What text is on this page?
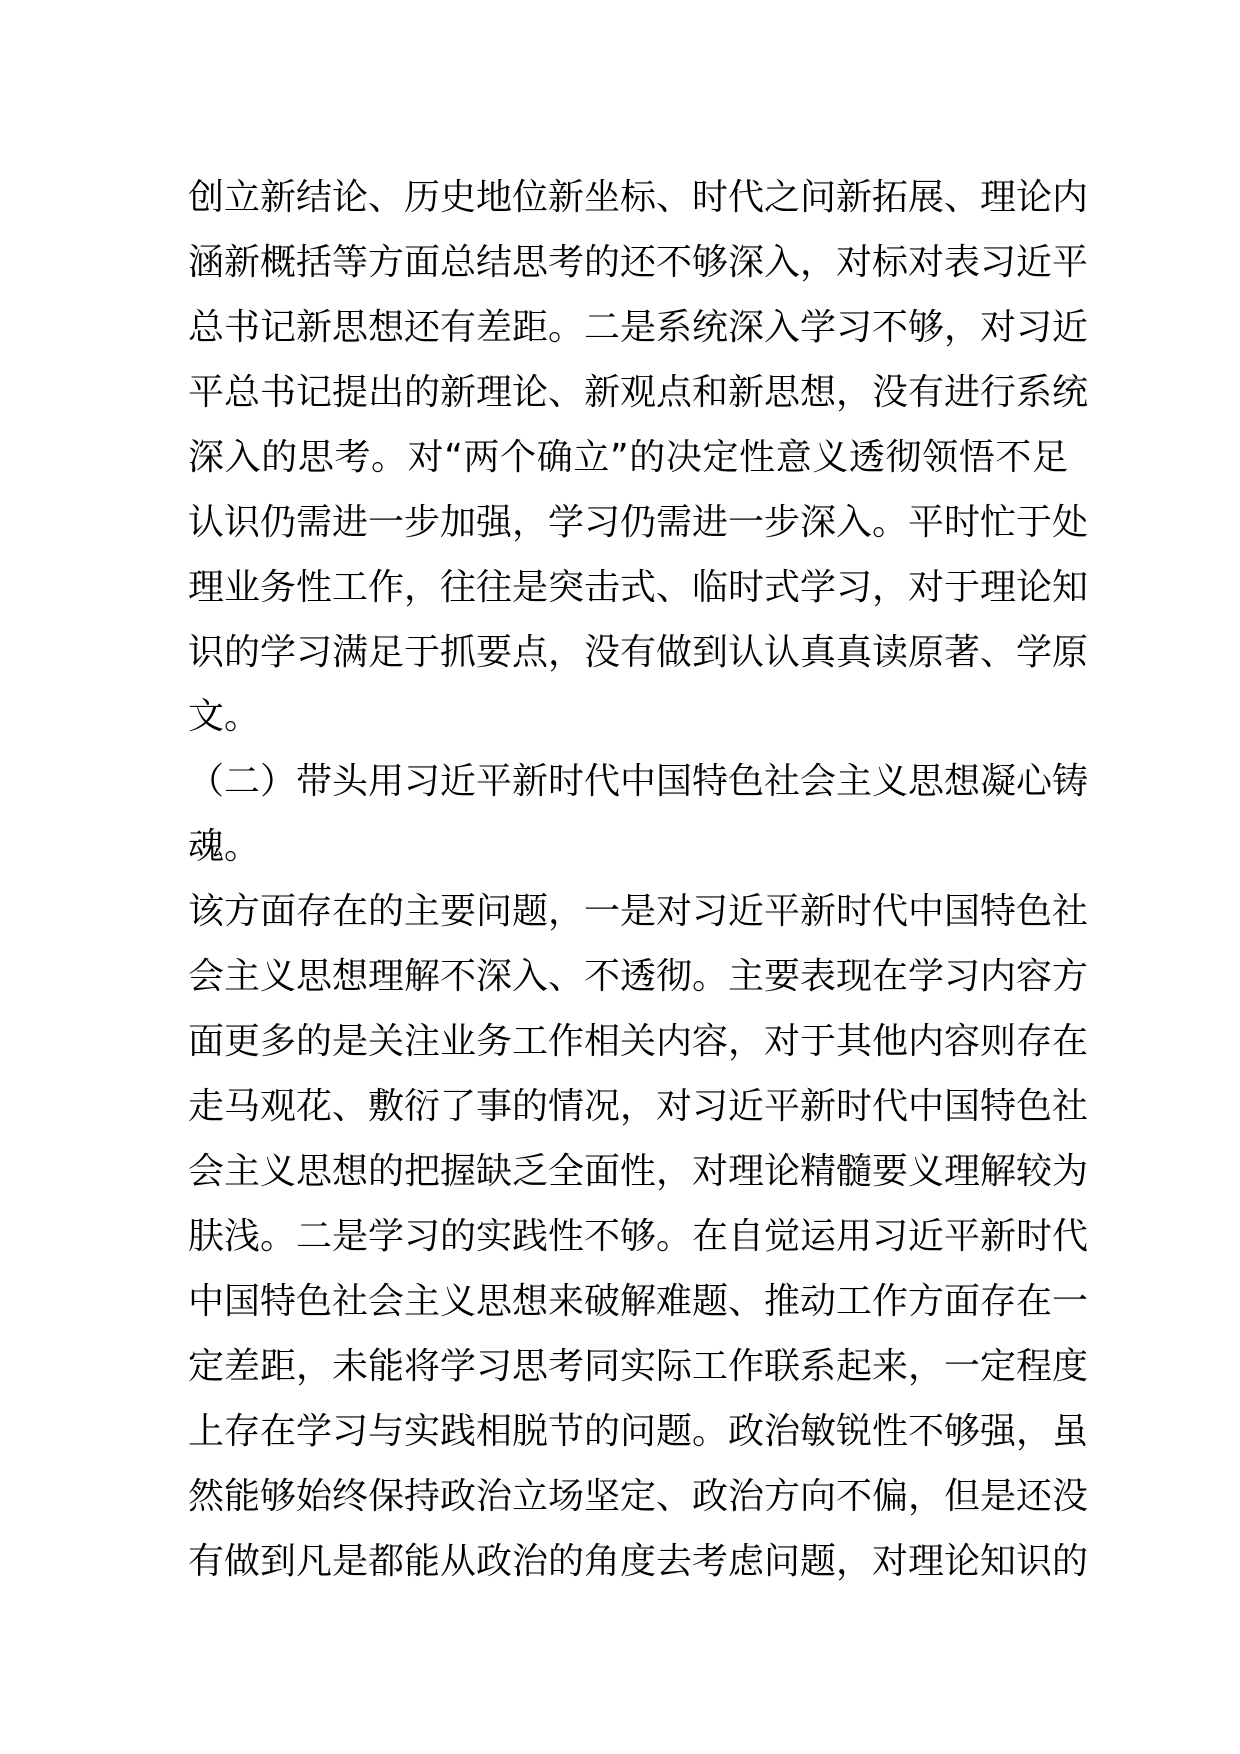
创立新结论、历史地位新坐标、时代之问新拓展、理论内
涵新概括等方面总结思考的还不够深入，对标对表习近平
总书记新思想还有差距。二是系统深入学习不够，对习近
平总书记提出的新理论、新观点和新思想，没有进行系统
深入的思考。对“两个确立”的决定性意义透彻领悟不足
认识仍需进一步加强，学习仍需进一步深入。平时忙于处
理业务性工作，往往是突击式、临时式学习，对于理论知
识的学习满足于抓要点，没有做到认认真真读原著、学原
文。
（二）带头用习近平新时代中国特色社会主义思想凝心铸
魂。
该方面存在的主要问题，一是对习近平新时代中国特色社
会主义思想理解不深入、不透彻。主要表现在学习内容方
面更多的是关注业务工作相关内容，对于其他内容则存在
走马观花、敷衍了事的情况，对习近平新时代中国特色社
会主义思想的把握缺乏全面性，对理论精髓要义理解较为
肤浅。二是学习的实践性不够。在自觉运用习近平新时代
中国特色社会主义思想来破解难题、推动工作方面存在一
定差距，未能将学习思考同实际工作联系起来，一定程度
上存在学习与实践相脱节的问题。政治敏锐性不够强，虽
然能够始终保持政治立场坚定、政治方向不偏，但是还没
有做到凡是都能从政治的角度去考虑问题，对理论知识的
